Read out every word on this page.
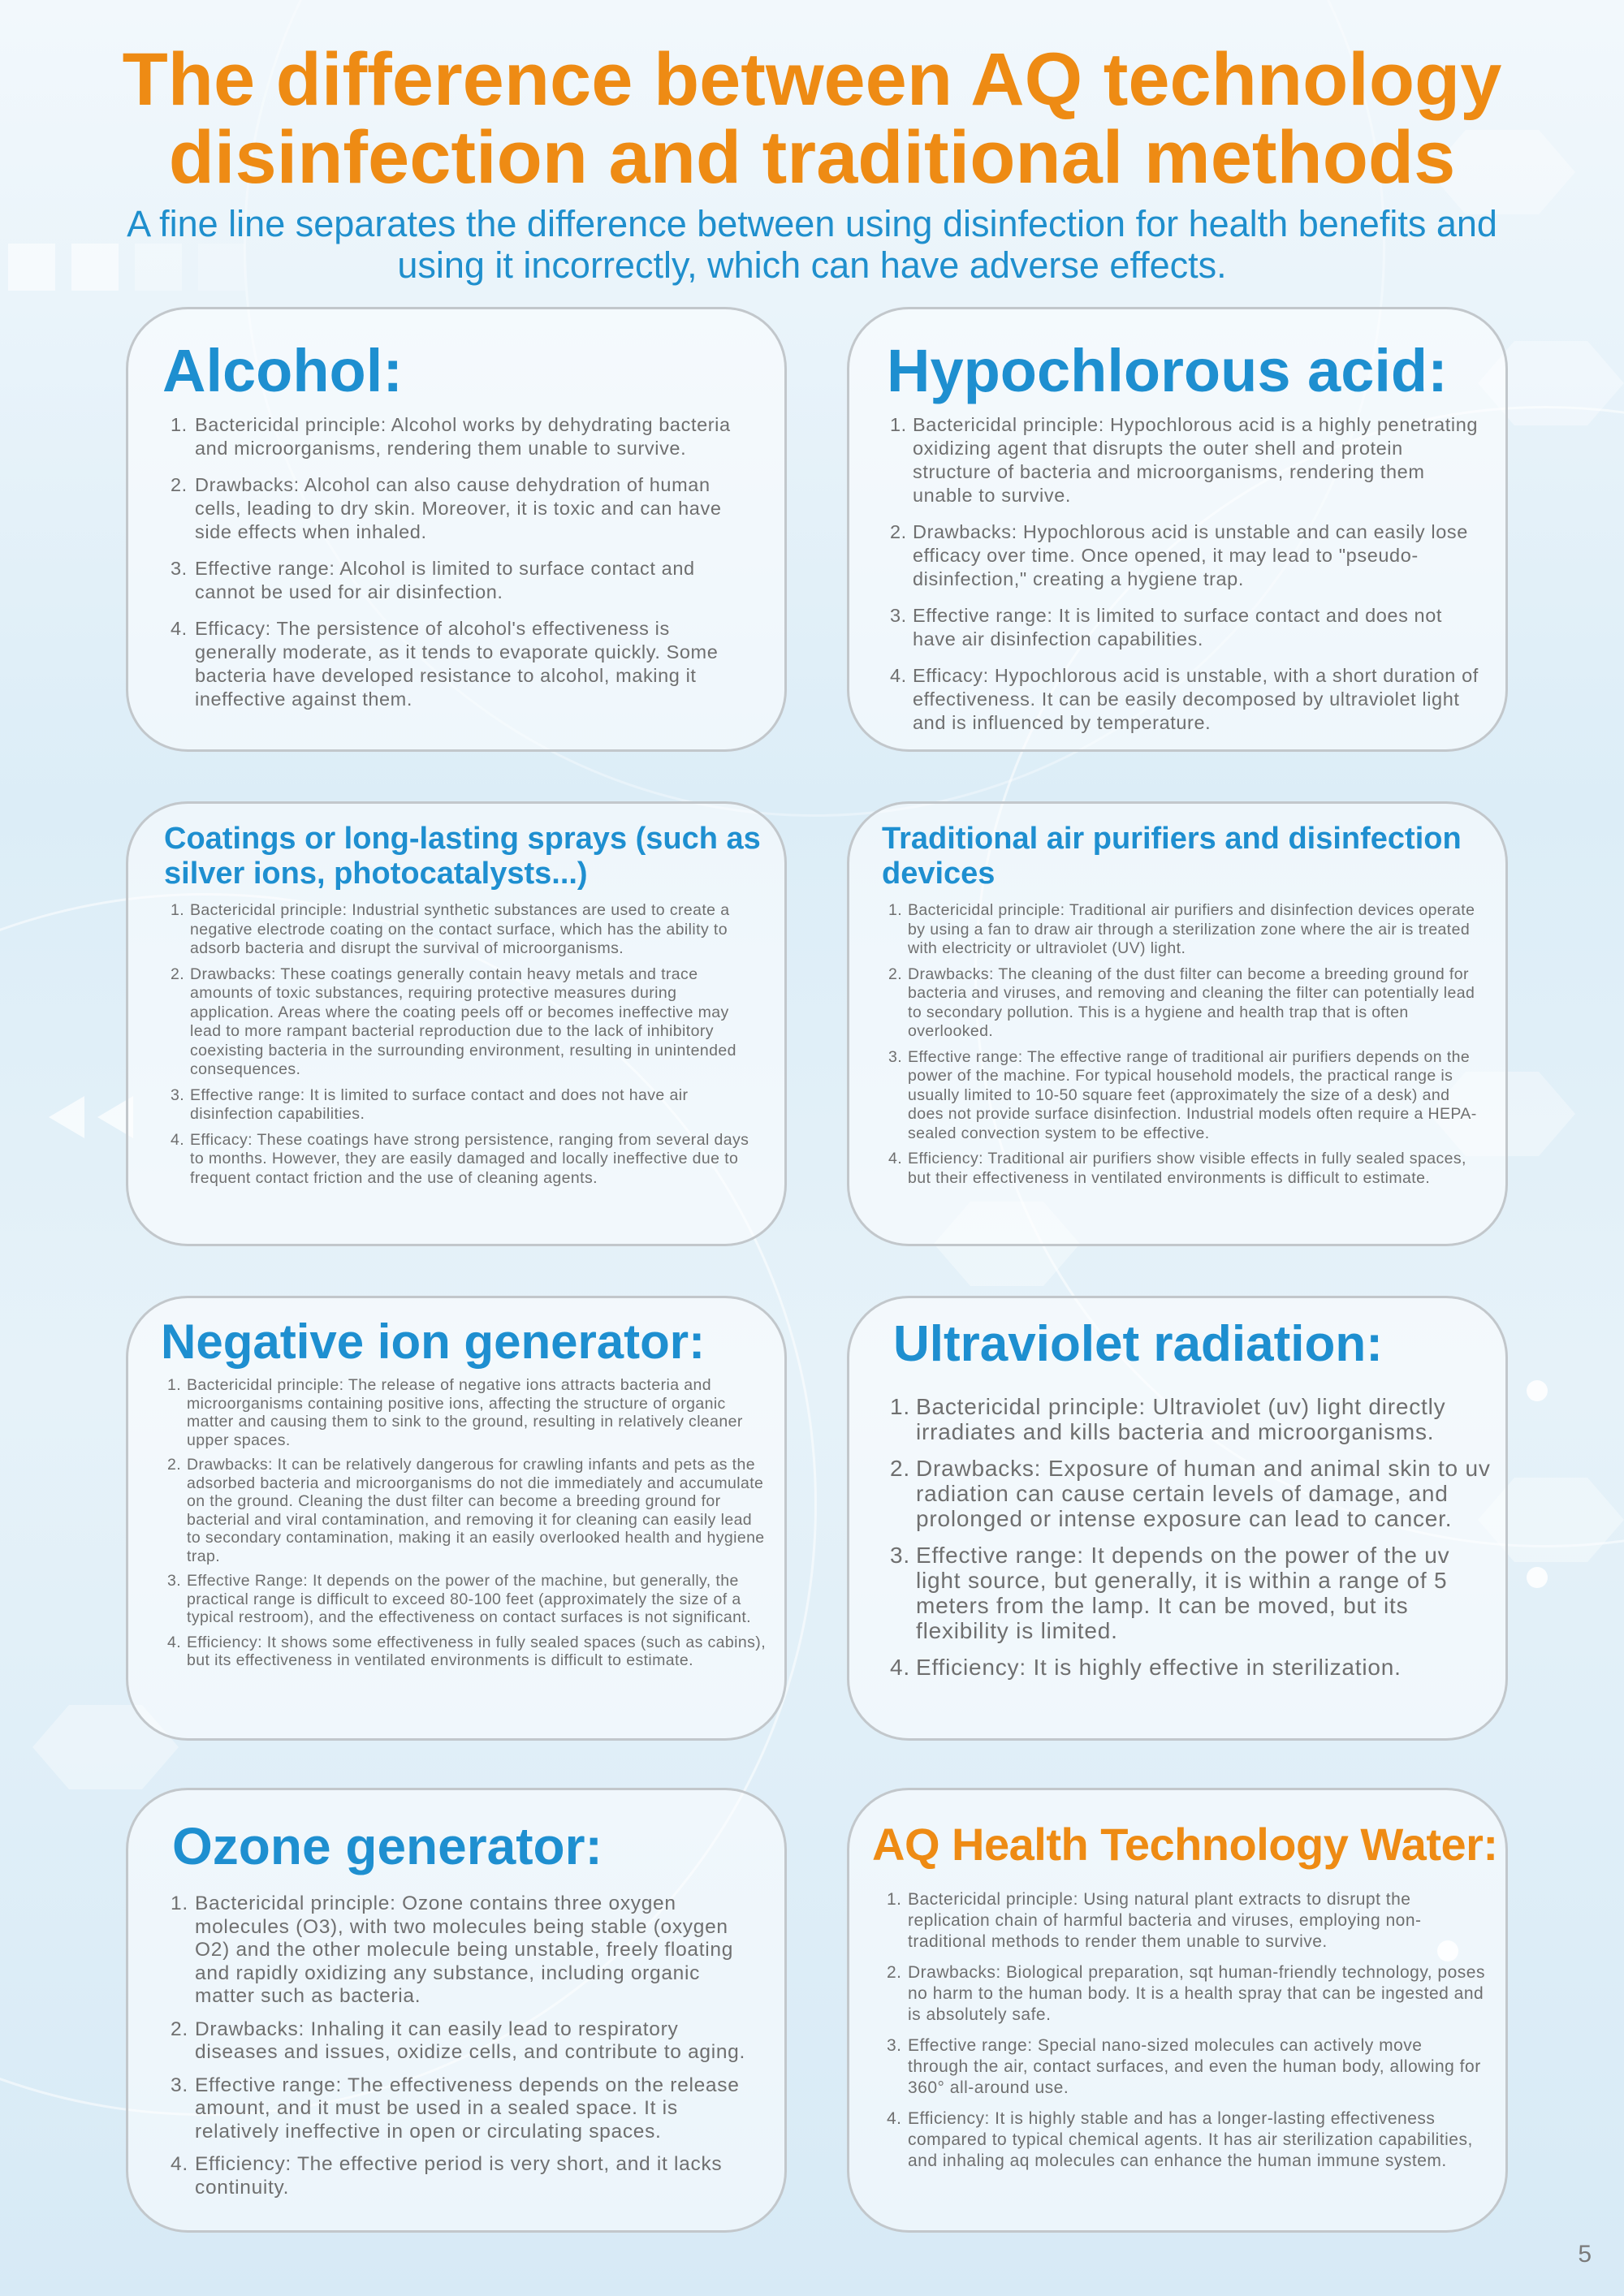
The difference between AQ technology disinfection and traditional methods

A fine line separates the difference between using disinfection for health benefits and using it incorrectly, which can have adverse effects.

Alcohol:
1. Bactericidal principle: Alcohol works by dehydrating bacteria and microorganisms, rendering them unable to survive.
2. Drawbacks: Alcohol can also cause dehydration of human cells, leading to dry skin. Moreover, it is toxic and can have side effects when inhaled.
3. Effective range: Alcohol is limited to surface contact and cannot be used for air disinfection.
4. Efficacy: The persistence of alcohol's effectiveness is generally moderate, as it tends to evaporate quickly. Some bacteria have developed resistance to alcohol, making it ineffective against them.
Hypochlorous acid:
1. Bactericidal principle: Hypochlorous acid is a highly penetrating oxidizing agent that disrupts the outer shell and protein structure of bacteria and microorganisms, rendering them unable to survive.
2. Drawbacks: Hypochlorous acid is unstable and can easily lose efficacy over time. Once opened, it may lead to "pseudo-disinfection," creating a hygiene trap.
3. Effective range: It is limited to surface contact and does not have air disinfection capabilities.
4. Efficacy: Hypochlorous acid is unstable, with a short duration of effectiveness. It can be easily decomposed by ultraviolet light and is influenced by temperature.
Coatings or long-lasting sprays (such as silver ions, photocatalysts...)
1. Bactericidal principle: Industrial synthetic substances are used to create a negative electrode coating on the contact surface, which has the ability to adsorb bacteria and disrupt the survival of microorganisms.
2. Drawbacks: These coatings generally contain heavy metals and trace amounts of toxic substances, requiring protective measures during application. Areas where the coating peels off or becomes ineffective may lead to more rampant bacterial reproduction due to the lack of inhibitory coexisting bacteria in the surrounding environment, resulting in unintended consequences.
3. Effective range: It is limited to surface contact and does not have air disinfection capabilities.
4. Efficacy: These coatings have strong persistence, ranging from several days to months. However, they are easily damaged and locally ineffective due to frequent contact friction and the use of cleaning agents.
Traditional air purifiers and disinfection devices
1. Bactericidal principle: Traditional air purifiers and disinfection devices operate by using a fan to draw air through a sterilization zone where the air is treated with electricity or ultraviolet (UV) light.
2. Drawbacks: The cleaning of the dust filter can become a breeding ground for bacteria and viruses, and removing and cleaning the filter can potentially lead to secondary pollution. This is a hygiene and health trap that is often overlooked.
3. Effective range: The effective range of traditional air purifiers depends on the power of the machine. For typical household models, the practical range is usually limited to 10-50 square feet (approximately the size of a desk) and does not provide surface disinfection. Industrial models often require a HEPA-sealed convection system to be effective.
4. Efficiency: Traditional air purifiers show visible effects in fully sealed spaces, but their effectiveness in ventilated environments is difficult to estimate.
Negative ion generator:
1. Bactericidal principle: The release of negative ions attracts bacteria and microorganisms containing positive ions, affecting the structure of organic matter and causing them to sink to the ground, resulting in relatively cleaner upper spaces.
2. Drawbacks: It can be relatively dangerous for crawling infants and pets as the adsorbed bacteria and microorganisms do not die immediately and accumulate on the ground. Cleaning the dust filter can become a breeding ground for bacterial and viral contamination, and removing it for cleaning can easily lead to secondary contamination, making it an easily overlooked health and hygiene trap.
3. Effective Range: It depends on the power of the machine, but generally, the practical range is difficult to exceed 80-100 feet (approximately the size of a typical restroom), and the effectiveness on contact surfaces is not significant.
4. Efficiency: It shows some effectiveness in fully sealed spaces (such as cabins), but its effectiveness in ventilated environments is difficult to estimate.
Ultraviolet radiation:
1. Bactericidal principle: Ultraviolet (uv) light directly irradiates and kills bacteria and microorganisms.
2. Drawbacks: Exposure of human and animal skin to uv radiation can cause certain levels of damage, and prolonged or intense exposure can lead to cancer.
3. Effective range: It depends on the power of the uv light source, but generally, it is within a range of 5 meters from the lamp. It can be moved, but its flexibility is limited.
4. Efficiency: It is highly effective in sterilization.
Ozone generator:
1. Bactericidal principle: Ozone contains three oxygen molecules (O3), with two molecules being stable (oxygen O2) and the other molecule being unstable, freely floating and rapidly oxidizing any substance, including organic matter such as bacteria.
2. Drawbacks: Inhaling it can easily lead to respiratory diseases and issues, oxidize cells, and contribute to aging.
3. Effective range: The effectiveness depends on the release amount, and it must be used in a sealed space. It is relatively ineffective in open or circulating spaces.
4. Efficiency: The effective period is very short, and it lacks continuity.
AQ Health Technology Water:
1. Bactericidal principle: Using natural plant extracts to disrupt the replication chain of harmful bacteria and viruses, employing non-traditional methods to render them unable to survive.
2. Drawbacks: Biological preparation, sqt human-friendly technology, poses no harm to the human body. It is a health spray that can be ingested and is absolutely safe.
3. Effective range: Special nano-sized molecules can actively move through the air, contact surfaces, and even the human body, allowing for 360° all-around use.
4. Efficiency: It is highly stable and has a longer-lasting effectiveness compared to typical chemical agents. It has air sterilization capabilities, and inhaling aq molecules can enhance the human immune system.
5
